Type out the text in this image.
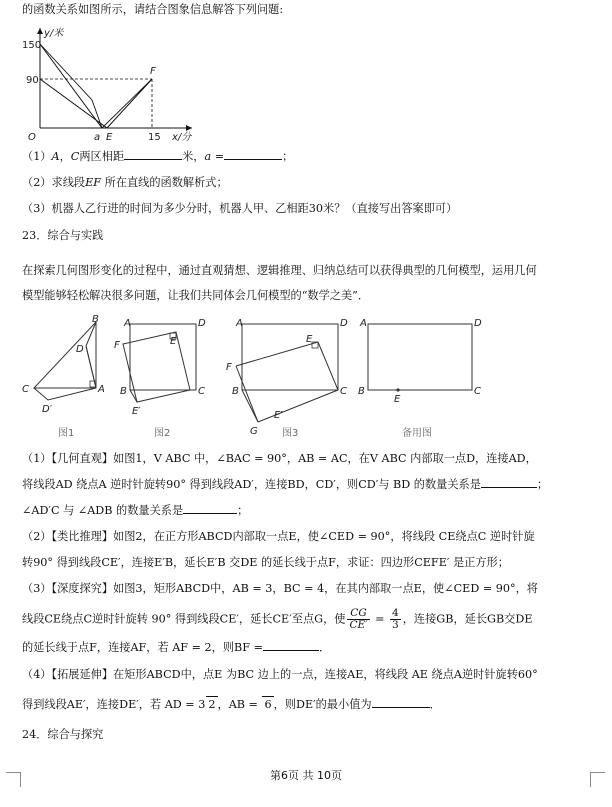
的函数关系如图所示，请结合图象信息解答下列问题:
y/米
x/分
150
90
O	a E	15
F
（1）A，C两区相距	米，a =	；
（2）求线段EF 所在直线的函数解析式；
（3）机器人乙行进的时间为多少分时，机器人甲、乙相距30米？（直接写出答案即可）
23．综合与实践
在探索几何图形变化的过程中，通过直观猜想、逻辑推理、归纳总结可以获得典型的几何模型，运用几何
模型能够轻松解决很多问题，让我们共同体会几何模型的“数学之美”．
B
D
C	A
D′
图1
A	D
F	E
B	C
E′
图2
A	D
E
F
B	C
G
E′
图3
A	D
B
E
C
备用图
（1）【几何直观】如图1，V ABC 中，∠BAC = 90°，AB = AC，在V ABC 内部取一点D，连接AD，
将线段AD 绕点A 逆时针旋转90° 得到线段AD′，连接BD，CD′，则CD′与 BD 的数量关系是	；
∠AD′C 与 ∠ADB 的数量关系是	；
（2）【类比推理】如图2，在正方形ABCD内部取一点E，使∠CED = 90°，将线段 CE绕点C 逆时针旋
转90° 得到线段CE′，连接E′B，延长E′B 交DE 的延长线于点F，求证：四边形CEFE′ 是正方形；
（3）【深度探究】如图3，矩形ABCD中，AB = 3，BC = 4，在其内部取一点E，使∠CED = 90°，将
线段CE绕点C逆时针旋转 90° 得到线段CE′，延长CE′至点G，使 $\frac{CG}{CE'} = \frac{4}{3}$ ，连接GB，延长GB交DE
的延长线于点F，连接AF，若 AF = 2，则BF =	．
（4）【拓展延伸】在矩形ABCD中，点E 为BC 边上的一点，连接AE，将线段 AE 绕点A逆时针旋转60°
得到线段AE′，连接DE′，若 AD = 3 2 ，AB = 6 ，则DE′的最小值为	．
24．综合与探究
第6页 共 10页
